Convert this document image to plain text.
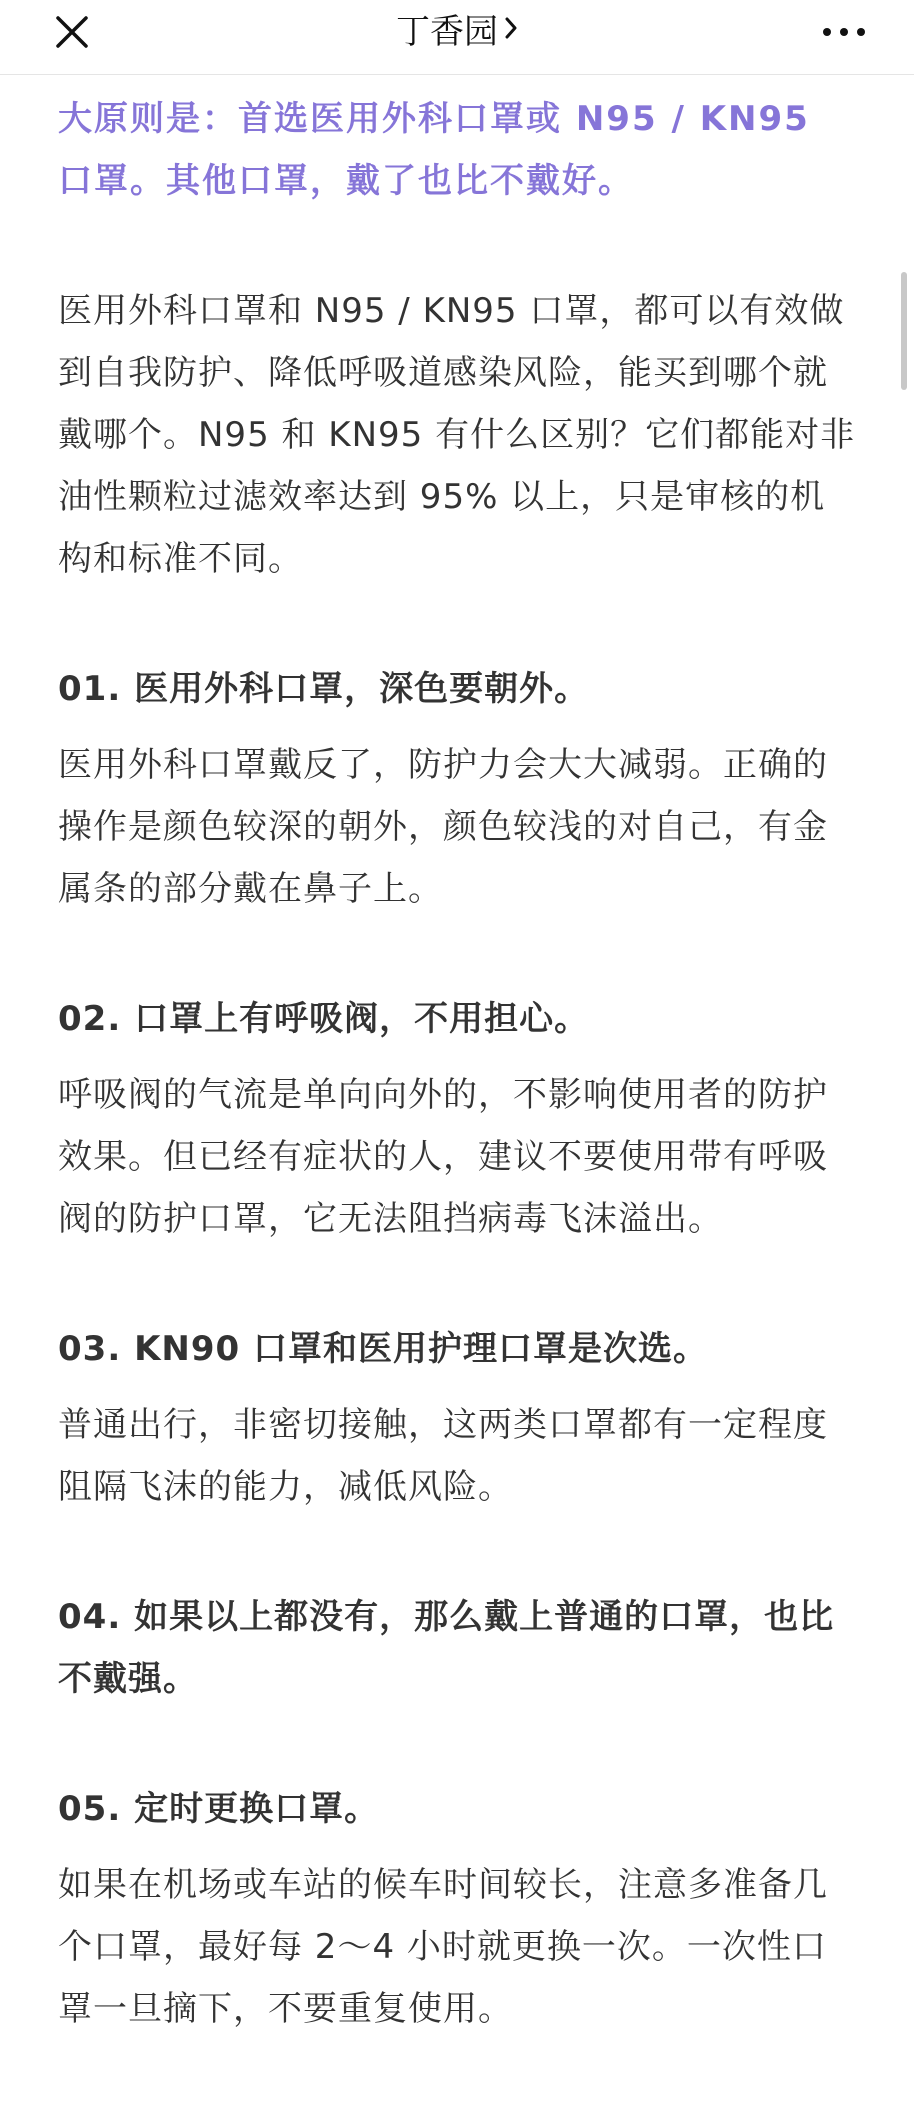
丁香园

大原则是：首选医用外科口罩或 N95 / KN95 口罩。其他口罩，戴了也比不戴好。

医用外科口罩和 N95 / KN95 口罩，都可以有效做到自我防护、降低呼吸道感染风险，能买到哪个就戴哪个。N95 和 KN95 有什么区别？它们都能对非油性颗粒过滤效率达到 95% 以上，只是审核的机构和标准不同。

01. 医用外科口罩，深色要朝外。

医用外科口罩戴反了，防护力会大大减弱。正确的操作是颜色较深的朝外，颜色较浅的对自己，有金属条的部分戴在鼻子上。

02. 口罩上有呼吸阀，不用担心。

呼吸阀的气流是单向向外的，不影响使用者的防护效果。但已经有症状的人，建议不要使用带有呼吸阀的防护口罩，它无法阻挡病毒飞沫溢出。

03. KN90 口罩和医用护理口罩是次选。

普通出行，非密切接触，这两类口罩都有一定程度阻隔飞沫的能力，减低风险。

04. 如果以上都没有，那么戴上普通的口罩，也比不戴强。

05. 定时更换口罩。

如果在机场或车站的候车时间较长，注意多准备几个口罩，最好每 2～4 小时就更换一次。一次性口罩一旦摘下，不要重复使用。
